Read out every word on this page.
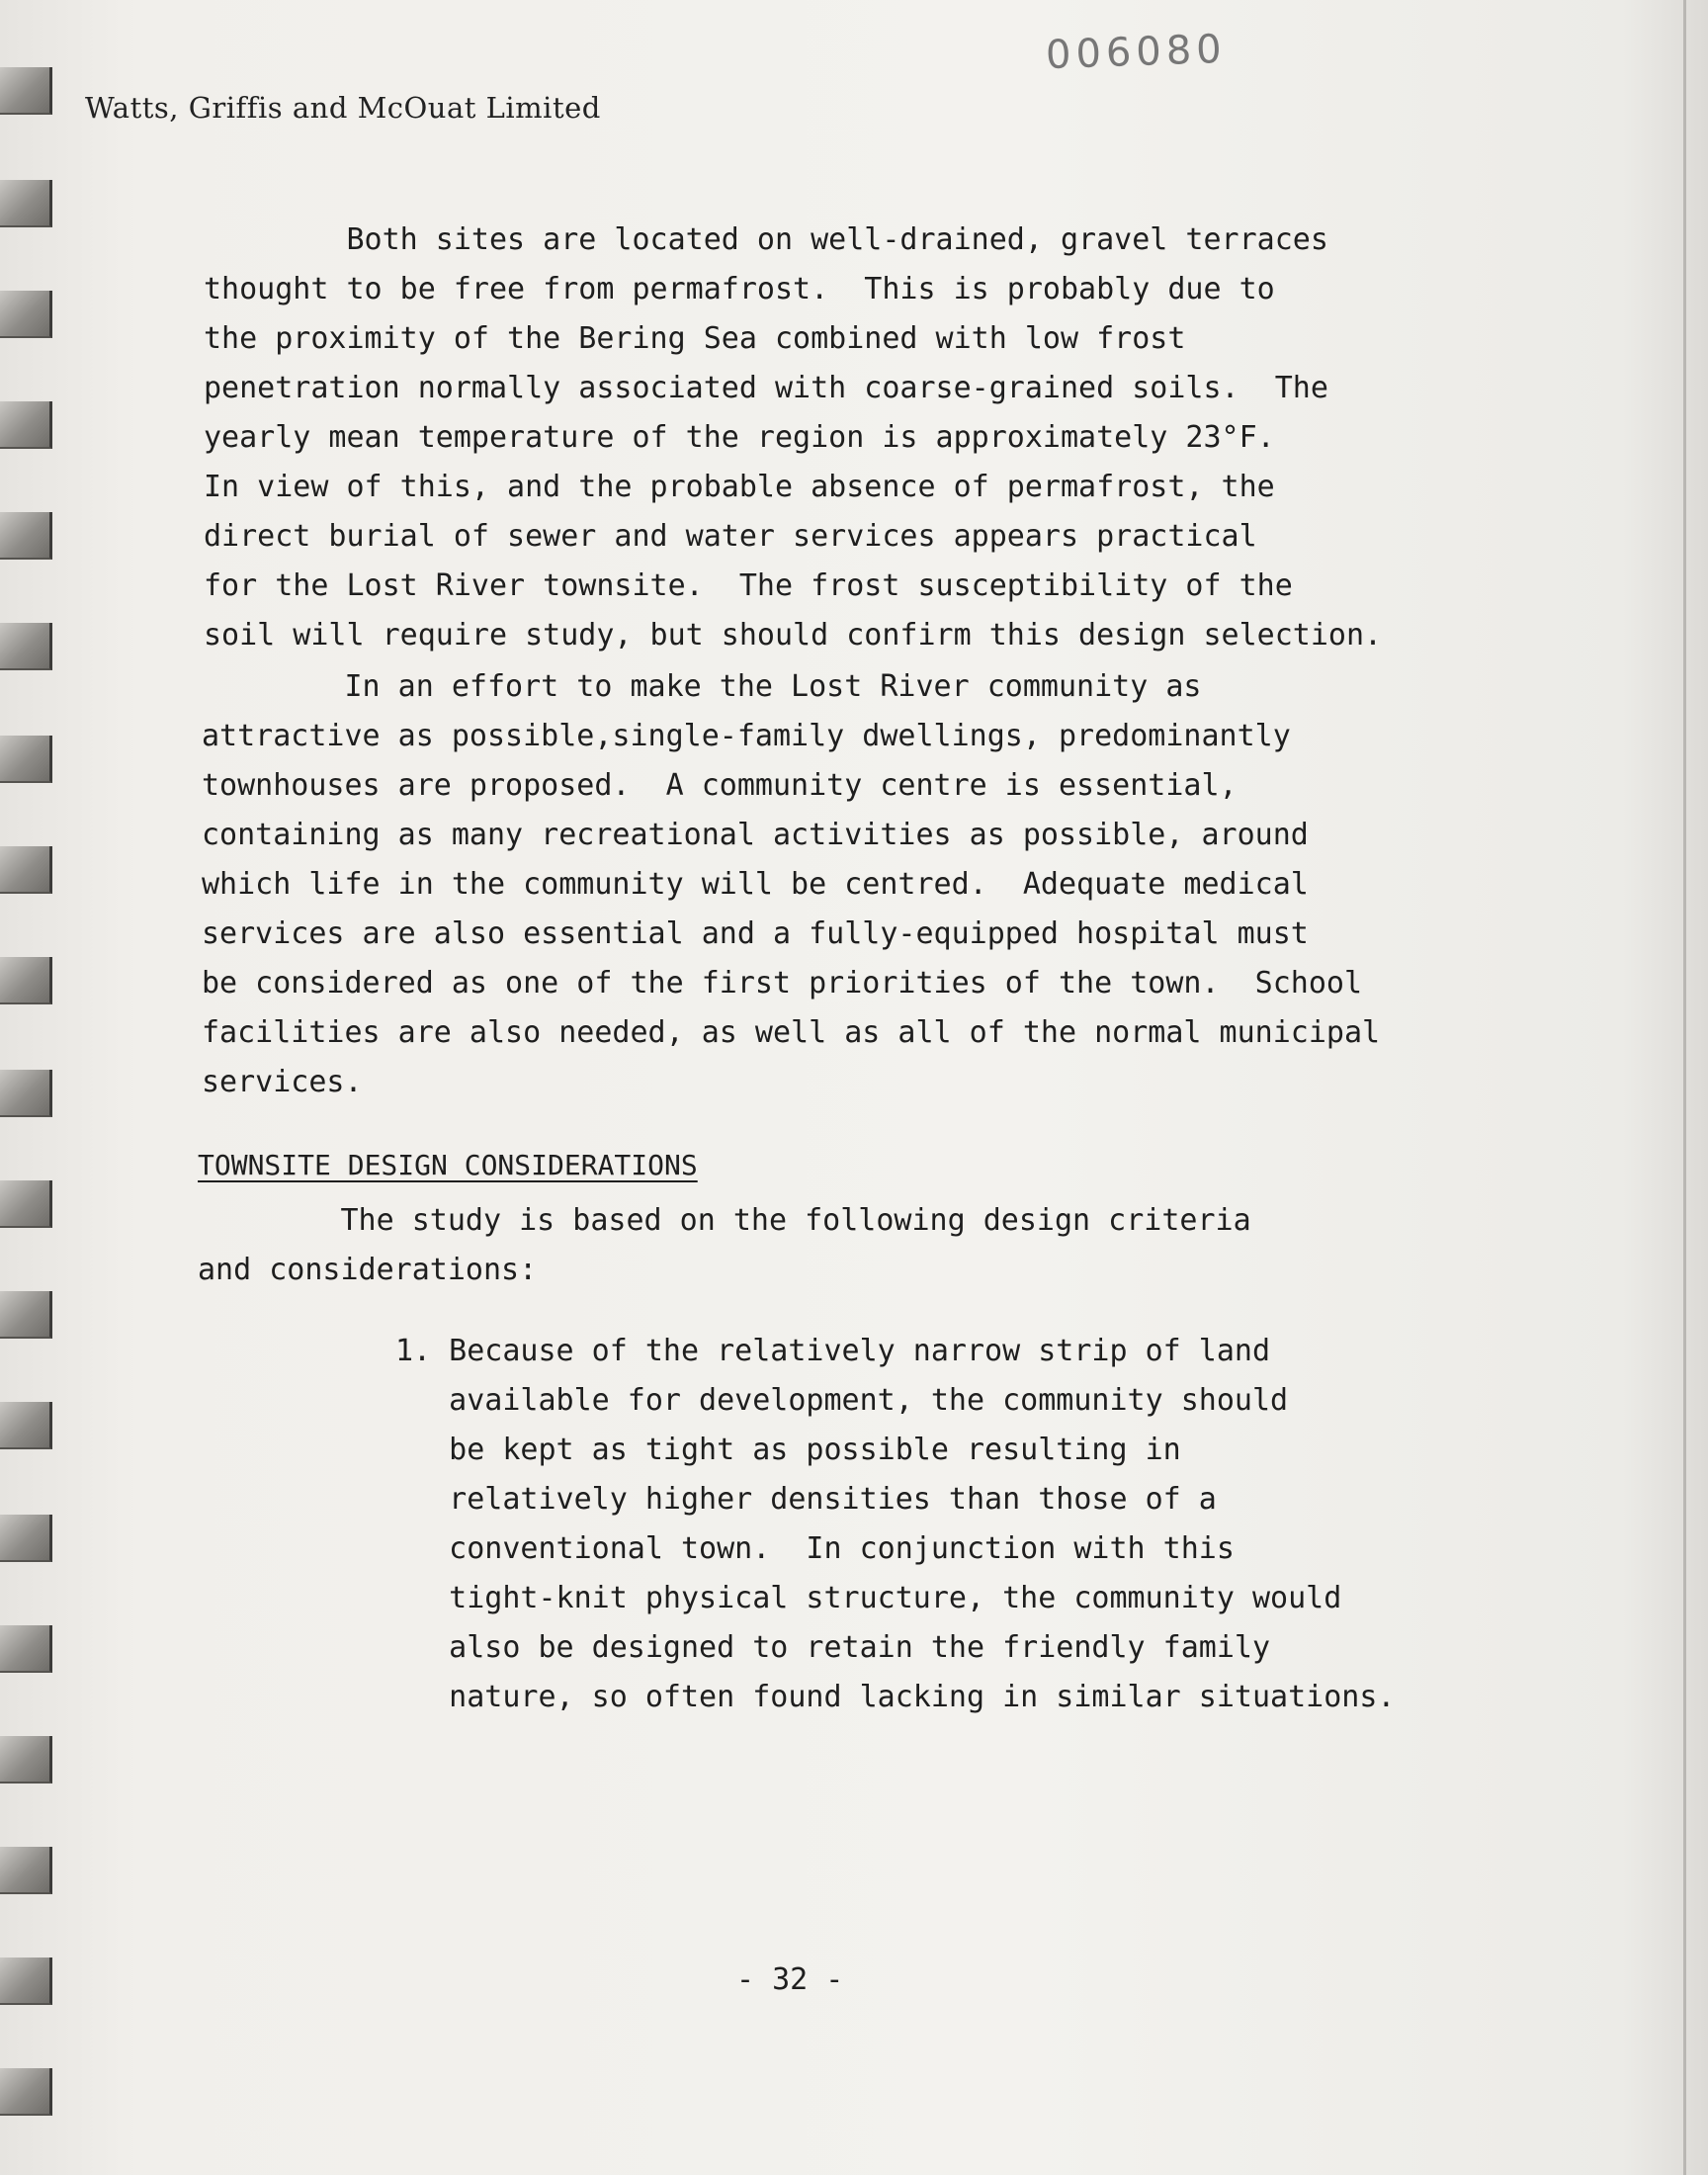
Watts, Griffis and McOuat Limited
006080
Both sites are located on well-drained, gravel terraces
thought to be free from permafrost.  This is probably due to
the proximity of the Bering Sea combined with low frost
penetration normally associated with coarse-grained soils.  The
yearly mean temperature of the region is approximately 23°F.
In view of this, and the probable absence of permafrost, the
direct burial of sewer and water services appears practical
for the Lost River townsite.  The frost susceptibility of the
soil will require study, but should confirm this design selection.
In an effort to make the Lost River community as
attractive as possible,single-family dwellings, predominantly
townhouses are proposed.  A community centre is essential,
containing as many recreational activities as possible, around
which life in the community will be centred.  Adequate medical
services are also essential and a fully-equipped hospital must
be considered as one of the first priorities of the town.  School
facilities are also needed, as well as all of the normal municipal
services.
TOWNSITE DESIGN CONSIDERATIONS
The study is based on the following design criteria
and considerations:
1. Because of the relatively narrow strip of land
available for development, the community should
be kept as tight as possible resulting in
relatively higher densities than those of a
conventional town.  In conjunction with this
tight-knit physical structure, the community would
also be designed to retain the friendly family
nature, so often found lacking in similar situations.
- 32 -
